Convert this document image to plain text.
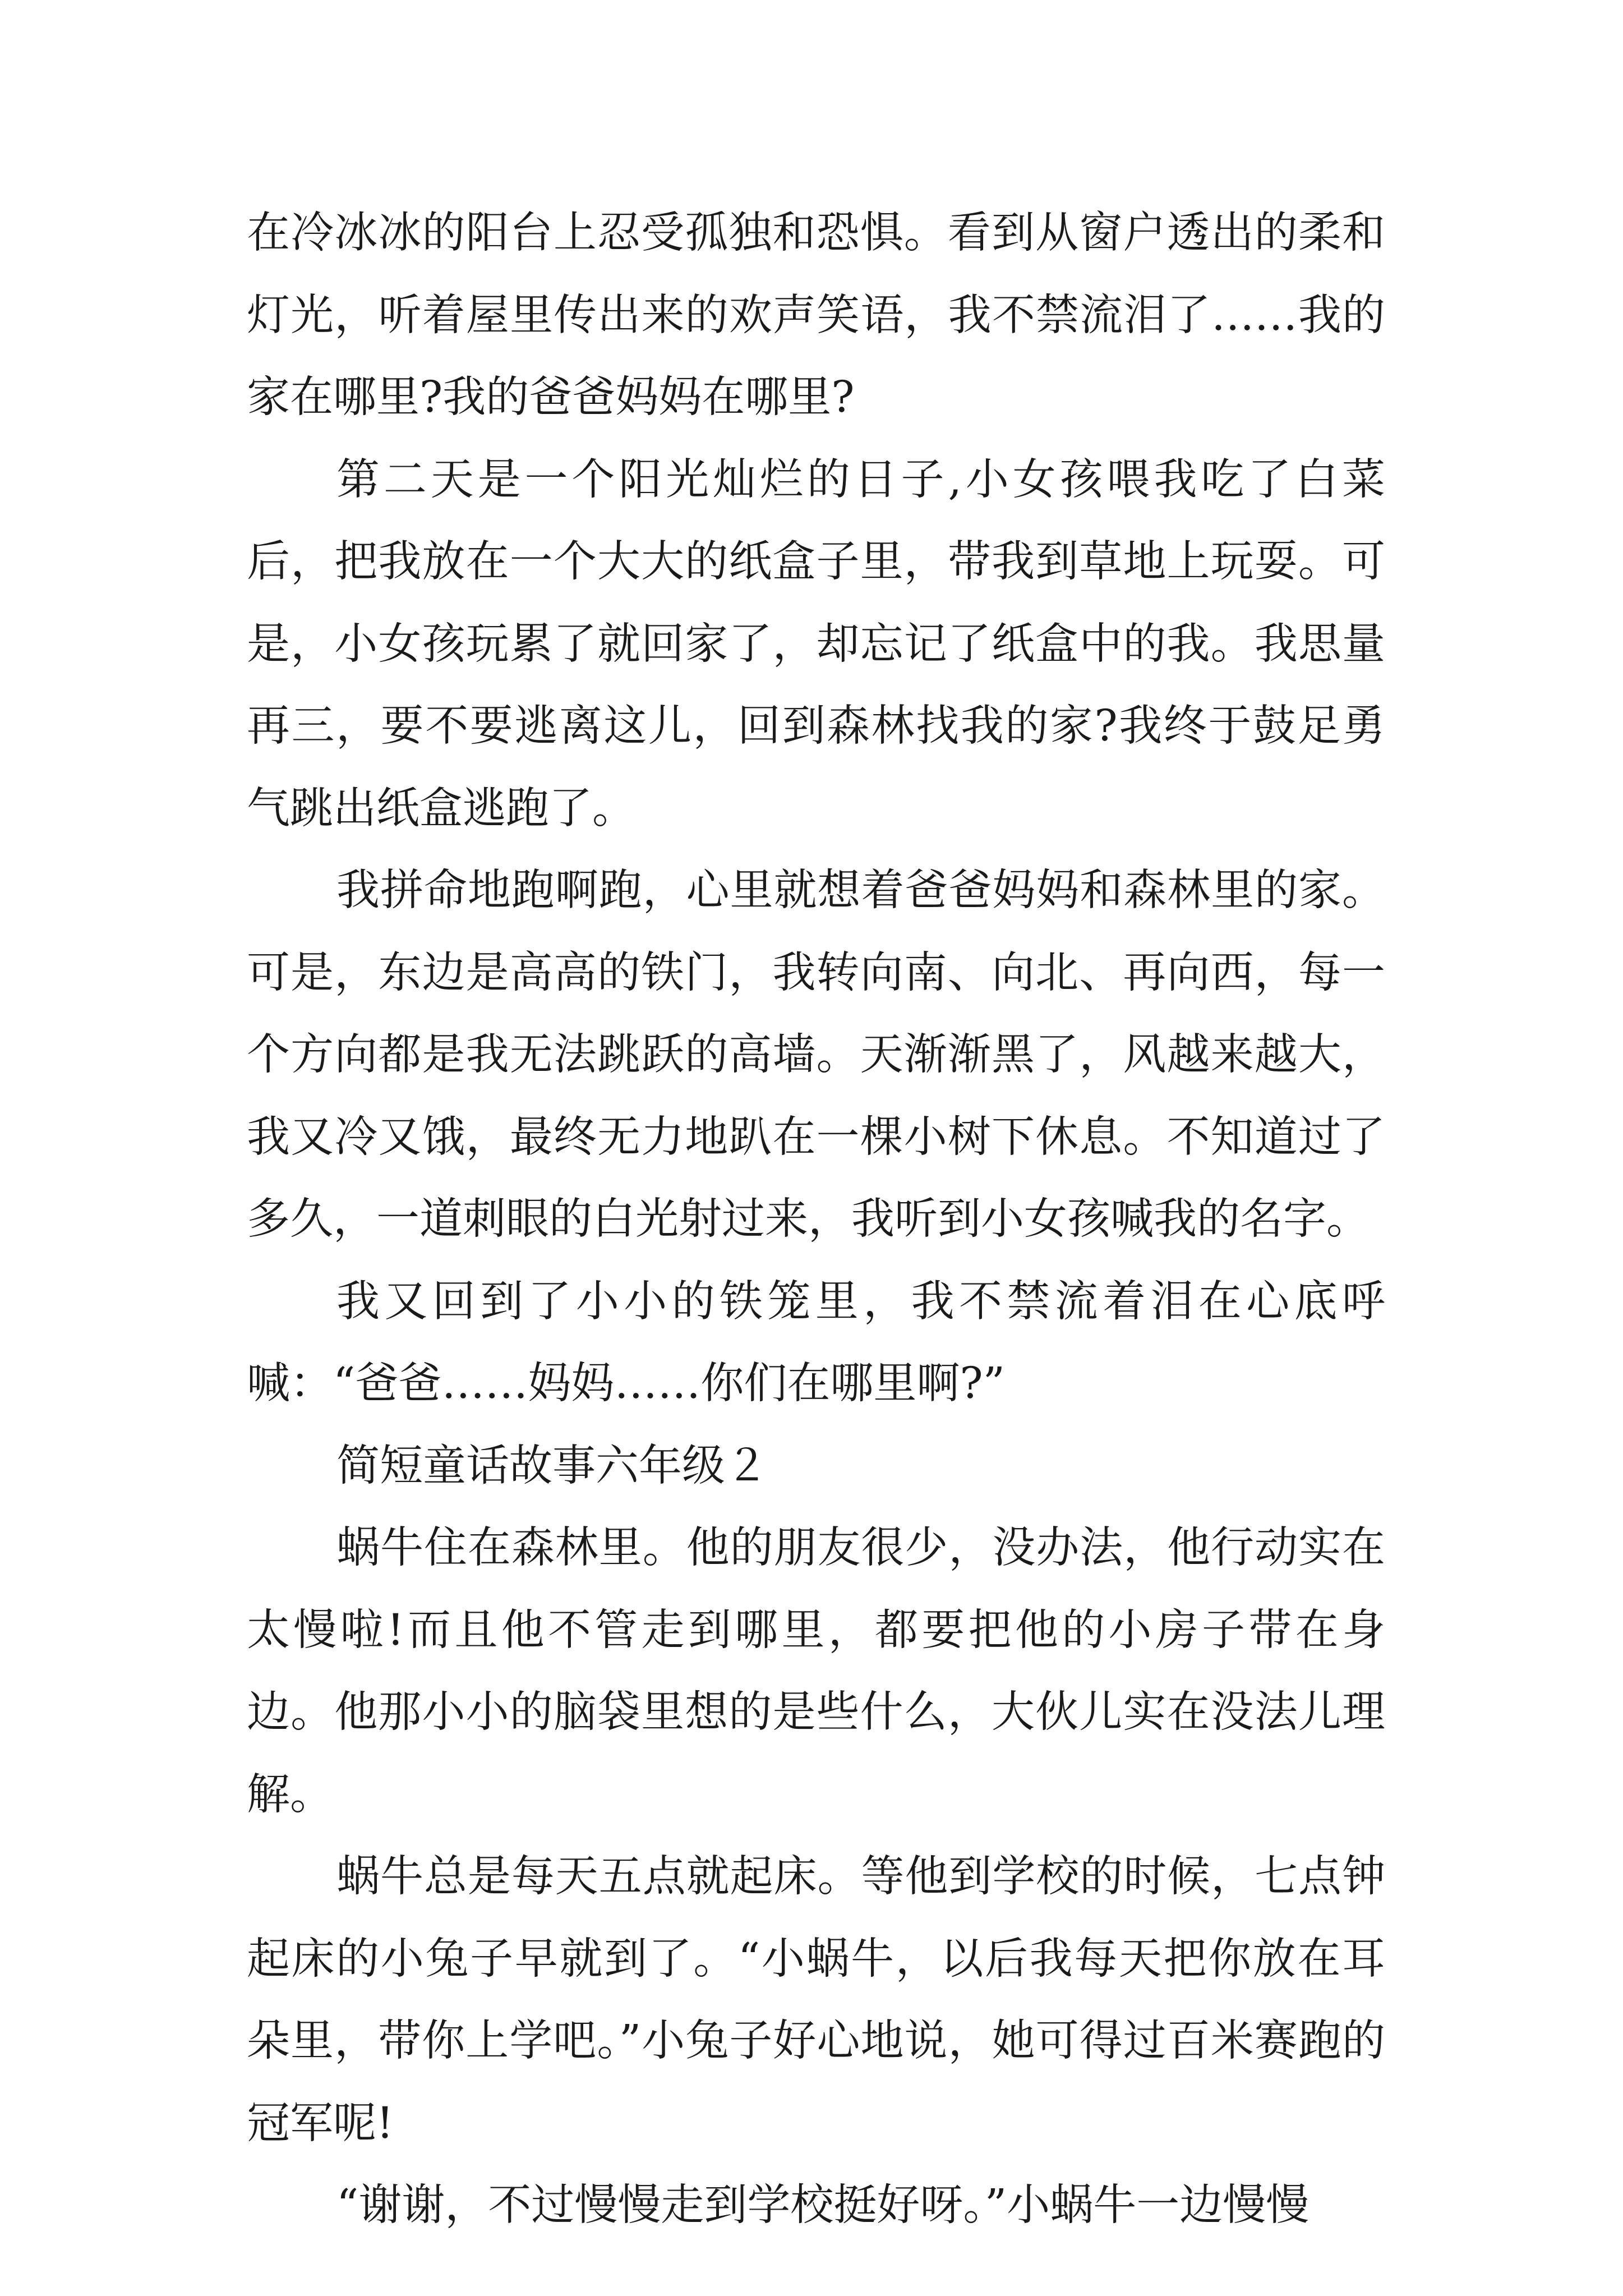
在冷冰冰的阳台上忍受孤独和恐惧。看到从窗户透出的柔和灯光，听着屋里传出来的欢声笑语，我不禁流泪了……我的家在哪里?我的爸爸妈妈在哪里?

第二天是一个阳光灿烂的日子,小女孩喂我吃了白菜后，把我放在一个大大的纸盒子里，带我到草地上玩耍。可是，小女孩玩累了就回家了，却忘记了纸盒中的我。我思量再三，要不要逃离这儿，回到森林找我的家?我终于鼓足勇气跳出纸盒逃跑了。

我拼命地跑啊跑，心里就想着爸爸妈妈和森林里的家。可是，东边是高高的铁门，我转向南、向北、再向西，每一个方向都是我无法跳跃的高墙。天渐渐黑了，风越来越大，我又冷又饿，最终无力地趴在一棵小树下休息。不知道过了多久，一道刺眼的白光射过来，我听到小女孩喊我的名字。

我又回到了小小的铁笼里，我不禁流着泪在心底呼喊：“爸爸……妈妈……你们在哪里啊?”

简短童话故事六年级２

蜗牛住在森林里。他的朋友很少，没办法，他行动实在太慢啦!而且他不管走到哪里，都要把他的小房子带在身边。他那小小的脑袋里想的是些什么，大伙儿实在没法儿理解。

蜗牛总是每天五点就起床。等他到学校的时候，七点钟起床的小兔子早就到了。“小蜗牛，以后我每天把你放在耳朵里，带你上学吧。”小兔子好心地说，她可得过百米赛跑的冠军呢!

“谢谢，不过慢慢走到学校挺好呀。”小蜗牛一边慢慢
